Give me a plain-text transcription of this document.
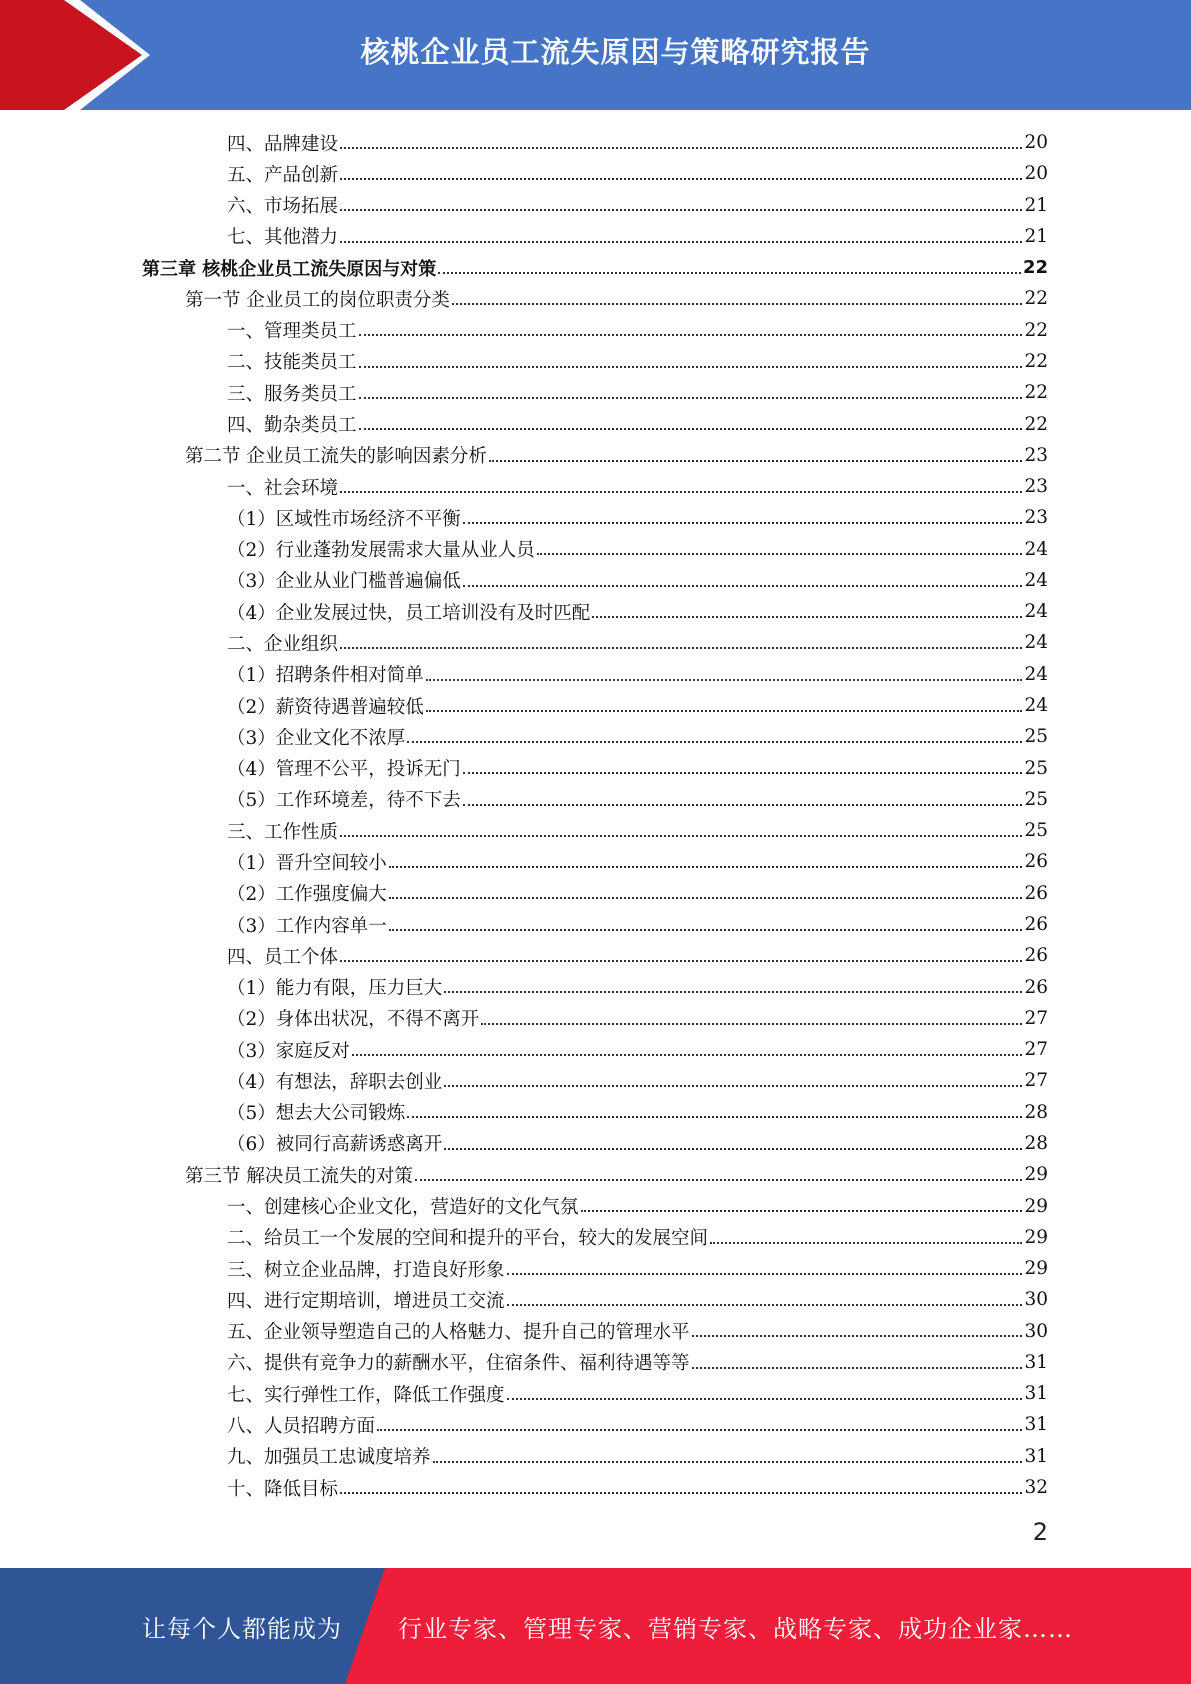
核桃企业员工流失原因与策略研究报告
四、品牌建设	20
五、产品创新	20
六、市场拓展	21
七、其他潜力	21
第三章 核桃企业员工流失原因与对策	22
第一节 企业员工的岗位职责分类	22
一、管理类员工	22
二、技能类员工	22
三、服务类员工	22
四、勤杂类员工	22
第二节 企业员工流失的影响因素分析	23
一、社会环境	23
（1）区域性市场经济不平衡	23
（2）行业蓬勃发展需求大量从业人员	24
（3）企业从业门槛普遍偏低	24
（4）企业发展过快，员工培训没有及时匹配	24
二、企业组织	24
（1）招聘条件相对简单	24
（2）薪资待遇普遍较低	24
（3）企业文化不浓厚	25
（4）管理不公平，投诉无门	25
（5）工作环境差，待不下去	25
三、工作性质	25
（1）晋升空间较小	26
（2）工作强度偏大	26
（3）工作内容单一	26
四、员工个体	26
（1）能力有限，压力巨大	26
（2）身体出状况，不得不离开	27
（3）家庭反对	27
（4）有想法，辞职去创业	27
（5）想去大公司锻炼	28
（6）被同行高薪诱惑离开	28
第三节 解决员工流失的对策	29
一、创建核心企业文化，营造好的文化气氛	29
二、给员工一个发展的空间和提升的平台，较大的发展空间	29
三、树立企业品牌，打造良好形象	29
四、进行定期培训，增进员工交流	30
五、企业领导塑造自己的人格魅力、提升自己的管理水平	30
六、提供有竞争力的薪酬水平，住宿条件、福利待遇等等	31
七、实行弹性工作，降低工作强度	31
八、人员招聘方面	31
九、加强员工忠诚度培养	31
十、降低目标	32
2
让每个人都能成为 行业专家、管理专家、营销专家、战略专家、成功企业家……
